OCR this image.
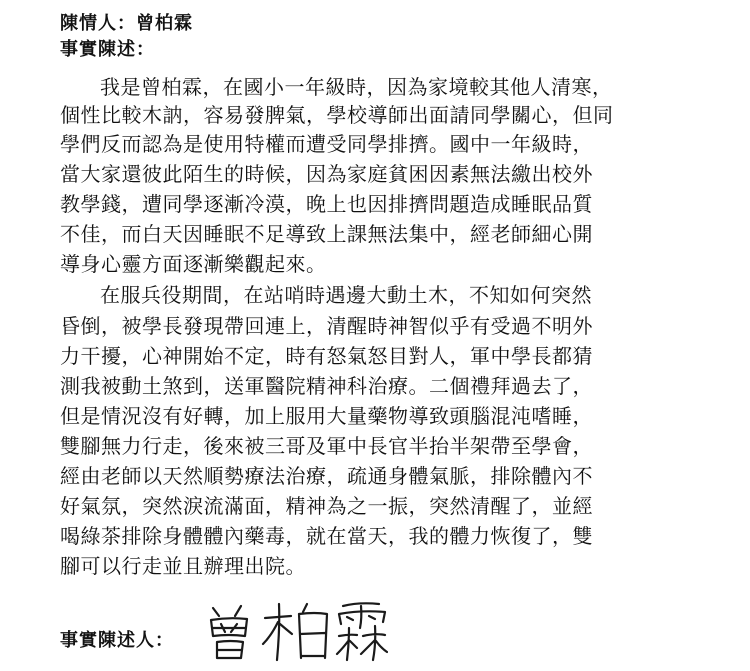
陳情人：曾柏霖
事實陳述：
我是曾柏霖，在國小一年級時，因為家境較其他人清寒，
個性比較木訥，容易發脾氣，學校導師出面請同學關心，但同
學們反而認為是使用特權而遭受同學排擠。國中一年級時，
當大家還彼此陌生的時候，因為家庭貧困因素無法繳出校外
教學錢，遭同學逐漸冷漠，晚上也因排擠問題造成睡眠品質
不佳，而白天因睡眠不足導致上課無法集中，經老師細心開
導身心靈方面逐漸樂觀起來。
在服兵役期間，在站哨時遇邊大動土木，不知如何突然
昏倒，被學長發現帶回連上，清醒時神智似乎有受過不明外
力干擾，心神開始不定，時有怒氣怒目對人，軍中學長都猜
測我被動土煞到，送軍醫院精神科治療。二個禮拜過去了，
但是情況沒有好轉，加上服用大量藥物導致頭腦混沌嗜睡，
雙腳無力行走，後來被三哥及軍中長官半抬半架帶至學會，
經由老師以天然順勢療法治療，疏通身體氣脈，排除體內不
好氣氛，突然淚流滿面，精神為之一振，突然清醒了，並經
喝綠茶排除身體體內藥毒，就在當天，我的體力恢復了，雙
腳可以行走並且辦理出院。
事實陳述人：
